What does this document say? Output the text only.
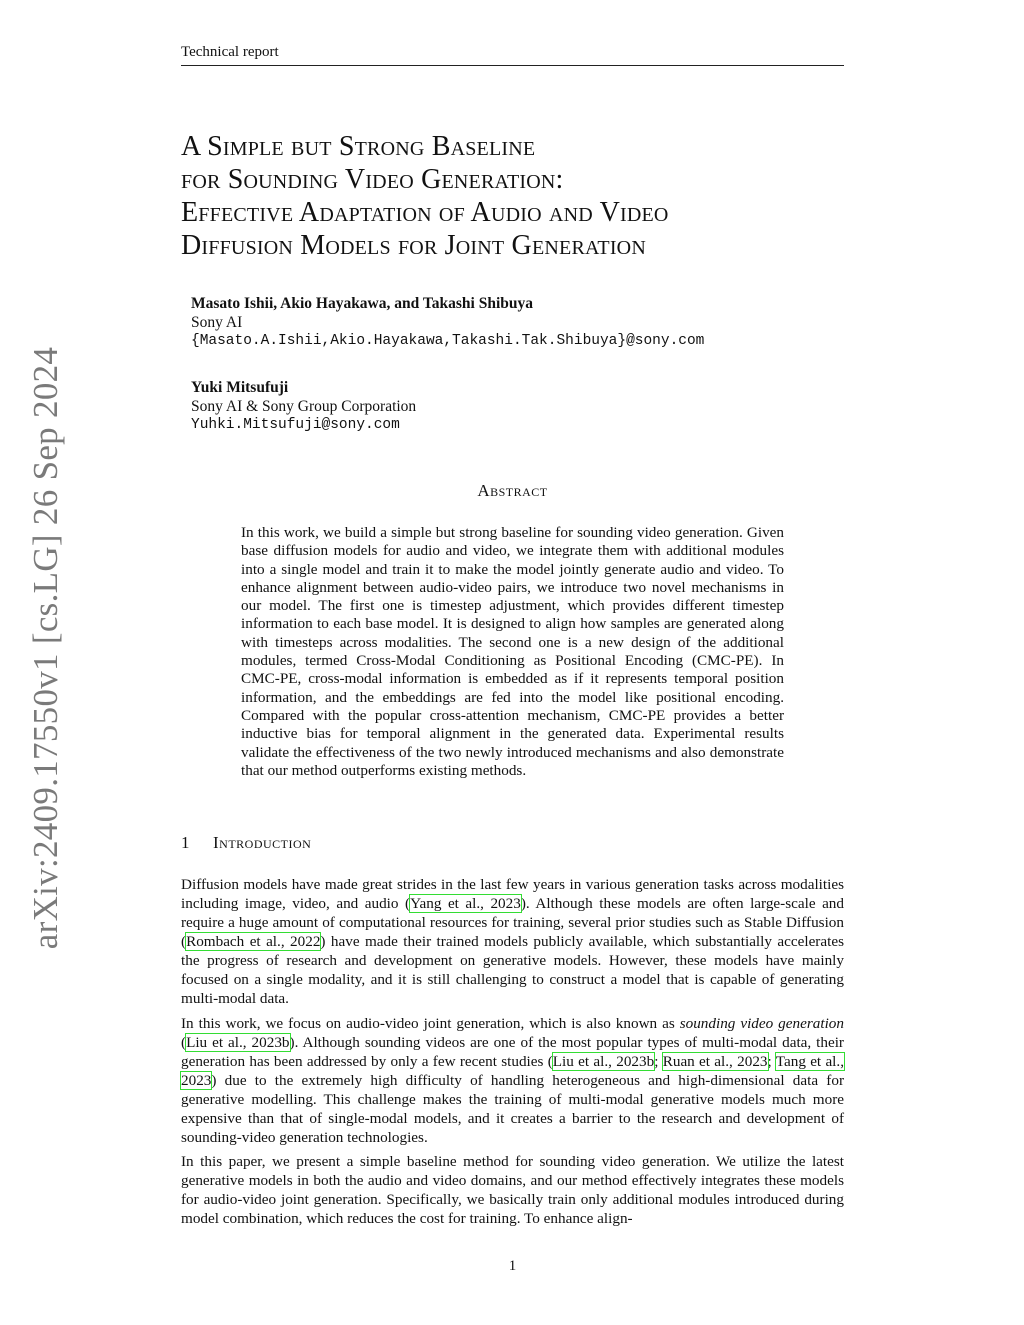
Technical report
arXiv:2409.17550v1 [cs.LG] 26 Sep 2024
A Simple but Strong Baseline
for Sounding Video Generation:
Effective Adaptation of Audio and Video
Diffusion Models for Joint Generation
Masato Ishii, Akio Hayakawa, and Takashi Shibuya
Sony AI
{Masato.A.Ishii,Akio.Hayakawa,Takashi.Tak.Shibuya}@sony.com
Yuki Mitsufuji
Sony AI & Sony Group Corporation
Yuhki.Mitsufuji@sony.com
Abstract

In this work, we build a simple but strong baseline for sounding video generation. Given base diffusion models for audio and video, we integrate them with additional modules into a single model and train it to make the model jointly generate audio and video. To enhance alignment between audio-video pairs, we introduce two novel mechanisms in our model. The first one is timestep adjustment, which provides different timestep information to each base model. It is designed to align how samples are generated along with timesteps across modalities. The second one is a new design of the additional modules, termed Cross-Modal Conditioning as Positional Encoding (CMC-PE). In CMC-PE, cross-modal information is embedded as if it represents temporal position information, and the embeddings are fed into the model like positional encoding. Compared with the popular cross-attention mechanism, CMC-PE provides a better inductive bias for temporal alignment in the generated data. Experimental results validate the effectiveness of the two newly introduced mechanisms and also demonstrate that our method outperforms existing methods.

1 Introduction

Diffusion models have made great strides in the last few years in various generation tasks across modalities including image, video, and audio (Yang et al., 2023). Although these models are often large-scale and require a huge amount of computational resources for training, several prior studies such as Stable Diffusion (Rombach et al., 2022) have made their trained models publicly available, which substantially accelerates the progress of research and development on generative models. However, these models have mainly focused on a single modality, and it is still challenging to construct a model that is capable of generating multi-modal data.

In this work, we focus on audio-video joint generation, which is also known as sounding video generation (Liu et al., 2023b). Although sounding videos are one of the most popular types of multi-modal data, their generation has been addressed by only a few recent studies (Liu et al., 2023b; Ruan et al., 2023; Tang et al., 2023) due to the extremely high difficulty of handling heterogeneous and high-dimensional data for generative modelling. This challenge makes the training of multi-modal generative models much more expensive than that of single-modal models, and it creates a barrier to the research and development of sounding-video generation technologies.

In this paper, we present a simple baseline method for sounding video generation. We utilize the latest generative models in both the audio and video domains, and our method effectively integrates these models for audio-video joint generation. Specifically, we basically train only additional modules introduced during model combination, which reduces the cost for training. To enhance align-

1
